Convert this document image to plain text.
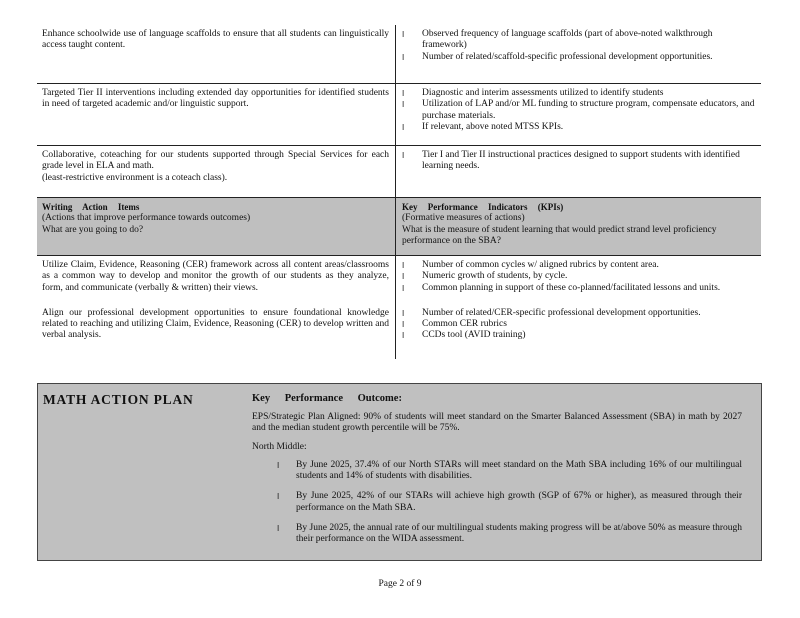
Enhance schoolwide use of language scaffolds to ensure that all students can linguistically access taught content.
l Observed frequency of language scaffolds (part of above-noted walkthrough framework)
l Number of related/scaffold-specific professional development opportunities.
Targeted Tier II interventions including extended day opportunities for identified students in need of targeted academic and/or linguistic support.
l Diagnostic and interim assessments utilized to identify students
l Utilization of LAP and/or ML funding to structure program, compensate educators, and purchase materials.
l If relevant, above noted MTSS KPIs.
Collaborative, coteaching for our students supported through Special Services for each grade level in ELA and math.
(least-restrictive environment is a coteach class).
l Tier I and Tier II instructional practices designed to support students with identified learning needs.
Writing Action Items
(Actions that improve performance towards outcomes)
What are you going to do?
Key Performance Indicators (KPIs)
(Formative measures of actions)
What is the measure of student learning that would predict strand level proficiency performance on the SBA?
Utilize Claim, Evidence, Reasoning (CER) framework across all content areas/classrooms as a common way to develop and monitor the growth of our students as they analyze, form, and communicate (verbally & written) their views.
Align our professional development opportunities to ensure foundational knowledge related to reaching and utilizing Claim, Evidence, Reasoning (CER) to develop written and verbal analysis.
l Number of common cycles w/ aligned rubrics by content area.
l Numeric growth of students, by cycle.
l Common planning in support of these co-planned/facilitated lessons and units.
l Number of related/CER-specific professional development opportunities.
l Common CER rubrics
l CCDs tool (AVID training)
MATH ACTION PLAN	Key Performance Outcome:

EPS/Strategic Plan Aligned: 90% of students will meet standard on the Smarter Balanced Assessment (SBA) in math by 2027 and the median student growth percentile will be 75%.

North Middle:

l By June 2025, 37.4% of our North STARs will meet standard on the Math SBA including 16% of our multilingual students and 14% of students with disabilities.
l By June 2025, 42% of our STARs will achieve high growth (SGP of 67% or higher), as measured through their performance on the Math SBA.
l By June 2025, the annual rate of our multilingual students making progress will be at/above 50% as measure through their performance on the WIDA assessment.
Page 2 of 9
